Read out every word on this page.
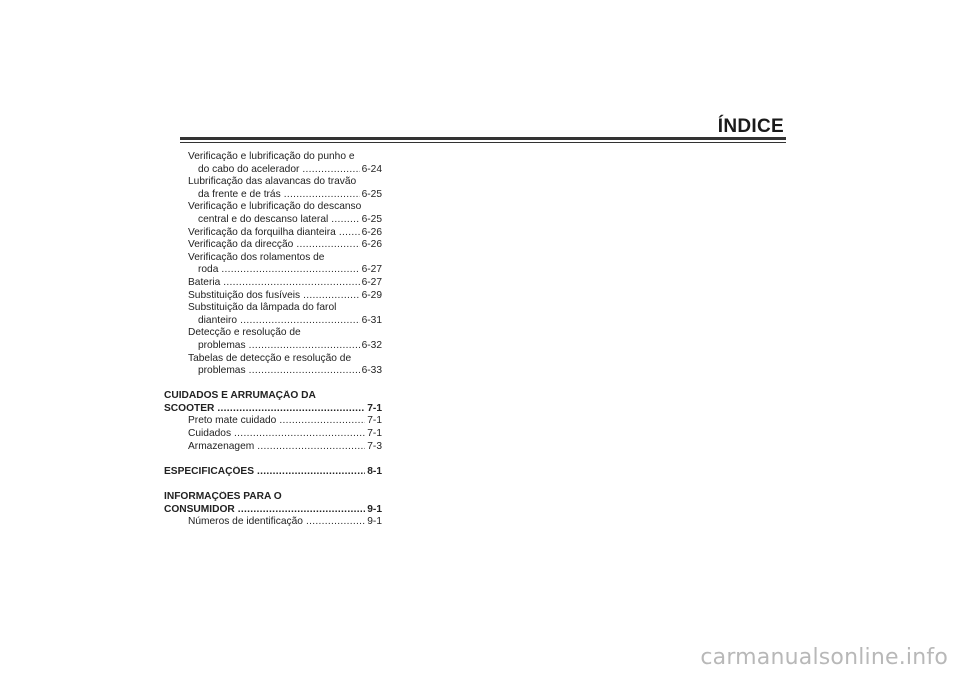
ÍNDICE
Verificação e lubrificação do punho e
do cabo do acelerador .....	6-24
Lubrificação das alavancas do travão
da frente e de trás .....	6-25
Verificação e lubrificação do descanso
central e do descanso lateral .....	6-25
Verificação da forquilha dianteira .....	6-26
Verificação da direcção .....	6-26
Verificação dos rolamentos de
roda .....	6-27
Bateria .....	6-27
Substituição dos fusíveis .....	6-29
Substituição da lâmpada do farol
dianteiro .....	6-31
Detecção e resolução de
problemas .....	6-32
Tabelas de detecção e resolução de
problemas .....	6-33
CUIDADOS E ARRUMAÇÃO DA
SCOOTER .....	7-1
Preto mate cuidado .....	7-1
Cuidados .....	7-1
Armazenagem .....	7-3
ESPECIFICAÇÕES .....	8-1
INFORMAÇÕES PARA O
CONSUMIDOR .....	9-1
Números de identificação .....	9-1
carmanualsonline.info
